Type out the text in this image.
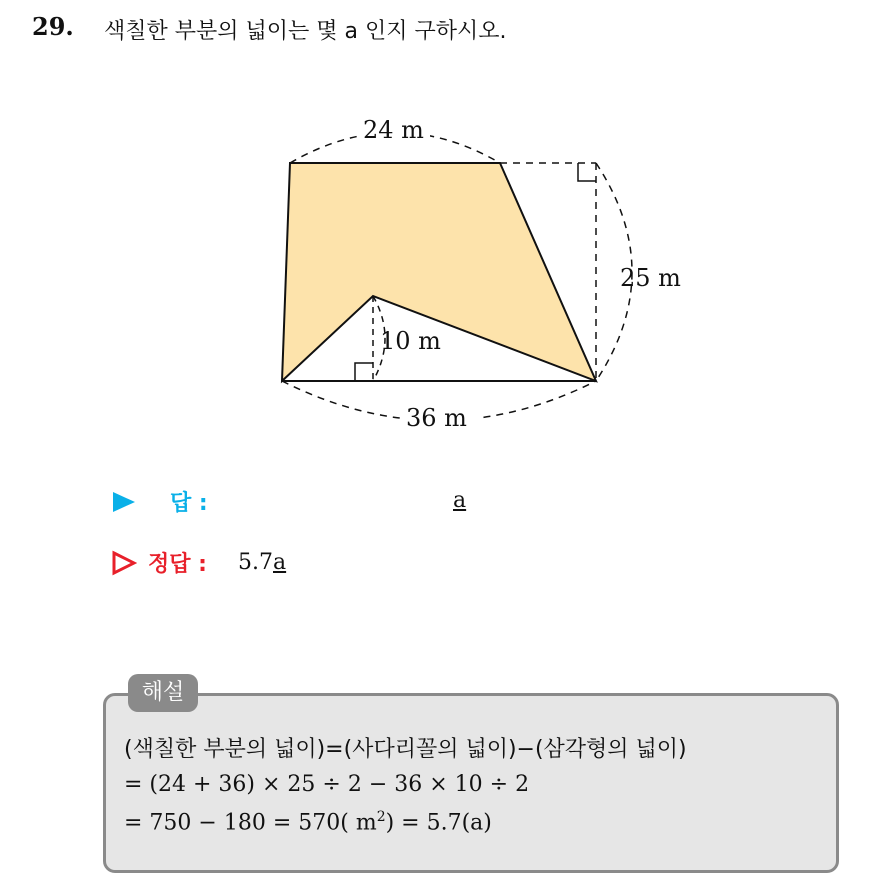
29. 색칠한 부분의 넓이는 몇 a 인지 구하시오.
24 m
25 m
10 m
36 m
답 :	a
정답 : 5.7a
해설
(색칠한 부분의 넓이)=(사다리꼴의 넓이)−(삼각형의 넓이)
= (24 + 36) × 25 ÷ 2 − 36 × 10 ÷ 2
= 750 − 180 = 570( $m^2) = 5.7(a)$
